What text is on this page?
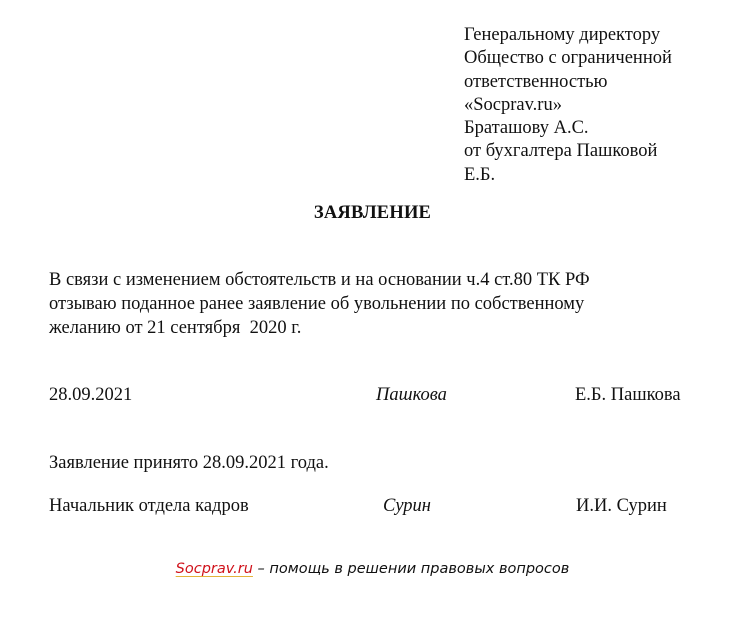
Генеральному директору
Общество с ограниченной
ответственностью
«Socprav.ru»
Браташову А.С.
от бухгалтера Пашковой
Е.Б.
ЗАЯВЛЕНИЕ
В связи с изменением обстоятельств и на основании ч.4 ст.80 ТК РФ
отзываю поданное ранее заявление об увольнении по собственному
желанию от 21 сентября  2020 г.
28.09.2021	Пашкова	Е.Б. Пашкова
Заявление принято 28.09.2021 года.
Начальник отдела кадров	Сурин	И.И. Сурин
Socprav.ru – помощь в решении правовых вопросов
